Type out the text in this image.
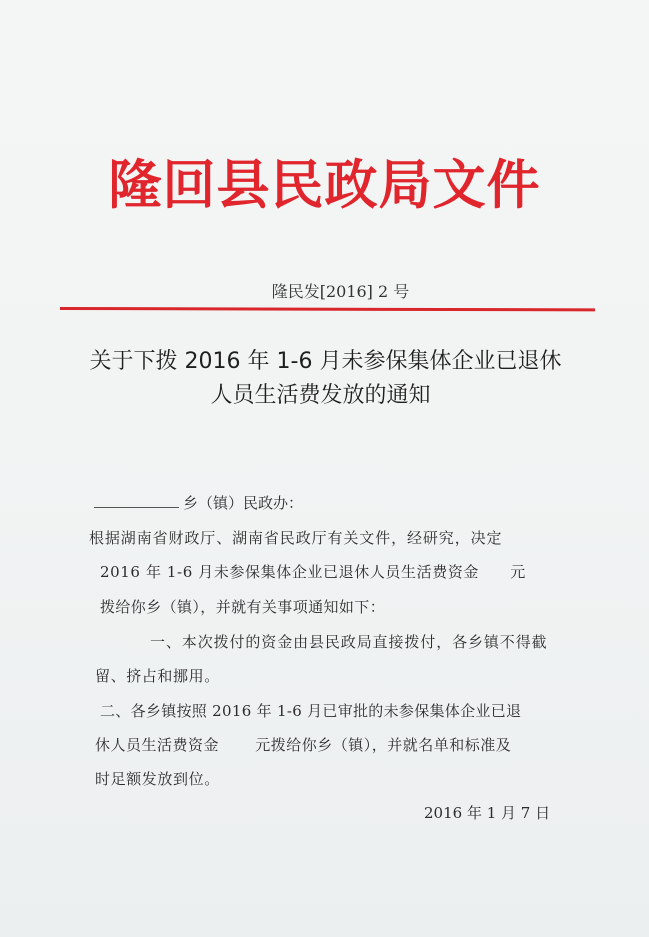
隆回县民政局文件
隆民发[2016] 2 号
关于下拨 2016 年 1-6 月未参保集体企业已退休
人员生活费发放的通知
乡（镇）民政办：
根据湖南省财政厅、湖南省民政厅有关文件，经研究，决定
2016 年 1-6 月未参保集体企业已退休人员生活费资金　　元
拨给你乡（镇），并就有关事项通知如下：
一、本次拨付的资金由县民政局直接拨付，各乡镇不得截
留、挤占和挪用。
二、各乡镇按照 2016 年 1-6 月已审批的未参保集体企业已退
休人员生活费资金　　 元拨给你乡（镇），并就名单和标准及
时足额发放到位。
2016 年 1 月 7 日
